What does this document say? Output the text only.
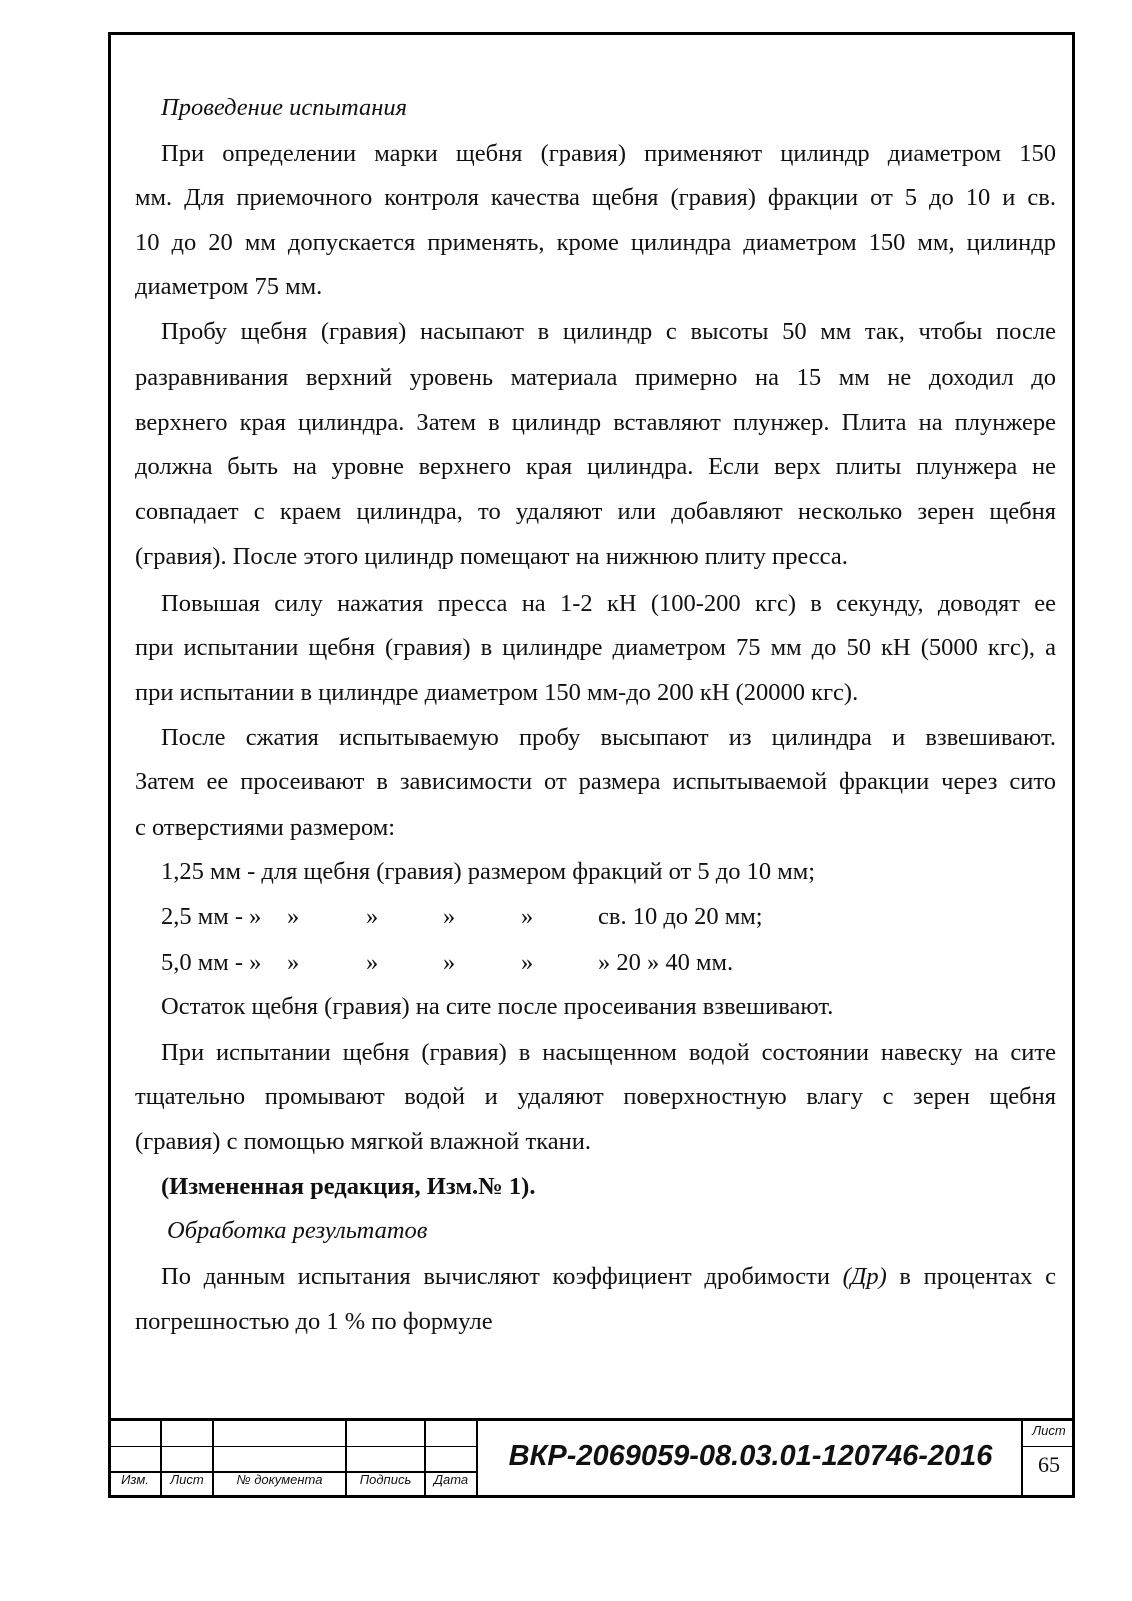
Проведение испытания
При определении марки щебня (гравия) применяют цилиндр диаметром 150
мм. Для приемочного контроля качества щебня (гравия) фракции от 5 до 10 и св.
10 до 20 мм допускается применять, кроме цилиндра диаметром 150 мм, цилиндр
диаметром 75 мм.
Пробу щебня (гравия) насыпают в цилиндр с высоты 50 мм так, чтобы после
разравнивания верхний уровень материала примерно на 15 мм не доходил до
верхнего края цилиндра. Затем в цилиндр вставляют плунжер. Плита на плунжере
должна быть на уровне верхнего края цилиндра. Если верх плиты плунжера не
совпадает с краем цилиндра, то удаляют или добавляют несколько зерен щебня
(гравия). После этого цилиндр помещают на нижнюю плиту пресса.
Повышая силу нажатия пресса на 1-2 кН (100-200 кгс) в секунду, доводят ее
при испытании щебня (гравия) в цилиндре диаметром 75 мм до 50 кН (5000 кгс), а
при испытании в цилиндре диаметром 150 мм-до 200 кН (20000 кгс).
После сжатия испытываемую пробу высыпают из цилиндра и взвешивают.
Затем ее просеивают в зависимости от размера испытываемой фракции через сито
с отверстиями размером:
1,25 мм - для щебня (гравия) размером фракций от 5 до 10 мм;
2,5 мм - » »	»	»	»	св. 10 до 20 мм;
5,0 мм - » »	»	»	»	» 20 » 40 мм.
Остаток щебня (гравия) на сите после просеивания взвешивают.
При испытании щебня (гравия) в насыщенном водой состоянии навеску на сите
тщательно промывают водой и удаляют поверхностную влагу с зерен щебня
(гравия) с помощью мягкой влажной ткани.
(Измененная редакция, Изм.№ 1).
Обработка результатов
По данным испытания вычисляют коэффициент дробимости (Др) в процентах с
погрешностью до 1 % по формуле
Изм.	Лист	№ документа	Подпись	Дата
ВКР-2069059-08.03.01-120746-2016
Лист
65
